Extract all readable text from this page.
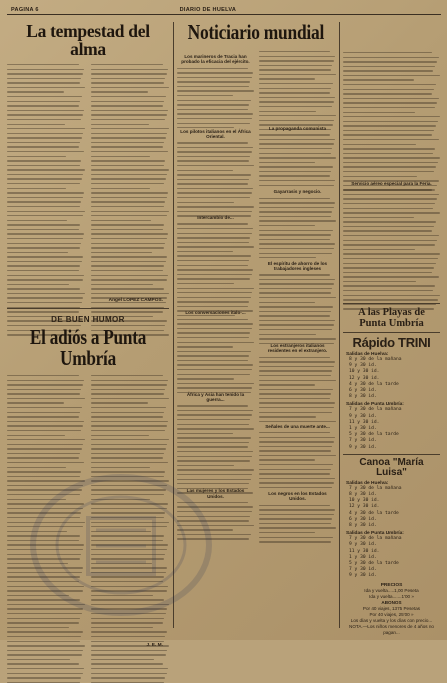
PAGINA 6	DIARIO DE HUELVA
La tempestad del alma
Angel LOPEZ CAMPOS.
DE BUEN HUMOR
El adiós a Punta Umbría
J. E. M.
Noticiario mundial
Los marineros de Tracia han probado la eficacia del ejército.
Los pilotos italianos en el África Oriental.
Intercambio de...
Los conversaciones italo-...
África y Asia han tenido la guerra...
Las mujeres y los Estados Unidos.
La propaganda comunista
Gayarrasis y negocio.
El espíritu de ahorro de los trabajadores ingleses
Los estranjeros italianos residentes en el extranjero.
Señales de una muerte ante...
Los negros en los Estados Unidos.
Servicio aéreo especial para la Feria.
A las Playas de
Punta Umbría
Rápido TRINI
Salidas de Huelva:
8 y 30 de la mañana
9 y 30 id.
10 y 30 id.
12 y 30 id.
4 y 30 de la tarde
6 y 30 id.
8 y 30 id.
Salidas de Punta Umbría:
7 y 30 de la mañana
9 y 30 id.
11 y 30 id.
1 y 30 id.
5 y 30 de la tarde
7 y 30 id.
9 y 30 id.
Canoa "María Luisa"
Salidas de Huelva:
7 y 30 de la mañana
8 y 30 id.
10 y 30 id.
12 y 30 id.
4 y 30 de la tarde
6 y 30 id.
8 y 30 id.
Salidas de Punta Umbría:
7 y 30 de la mañana
9 y 30 id.
11 y 30 id.
1 y 30 id.
5 y 30 de la tarde
7 y 30 id.
9 y 30 id.
PRECIOS
Ida y vuelta.....1,00 Peseta
Ida y vuelta.......1'00 »
ABONOS
Por 40 viajes, 1375 Pesetas
Por 40 viajes, 25'00 »
Los días y vuelta y los días con precio...
NOTA.—Los niños menores de 4 años no pagan...
